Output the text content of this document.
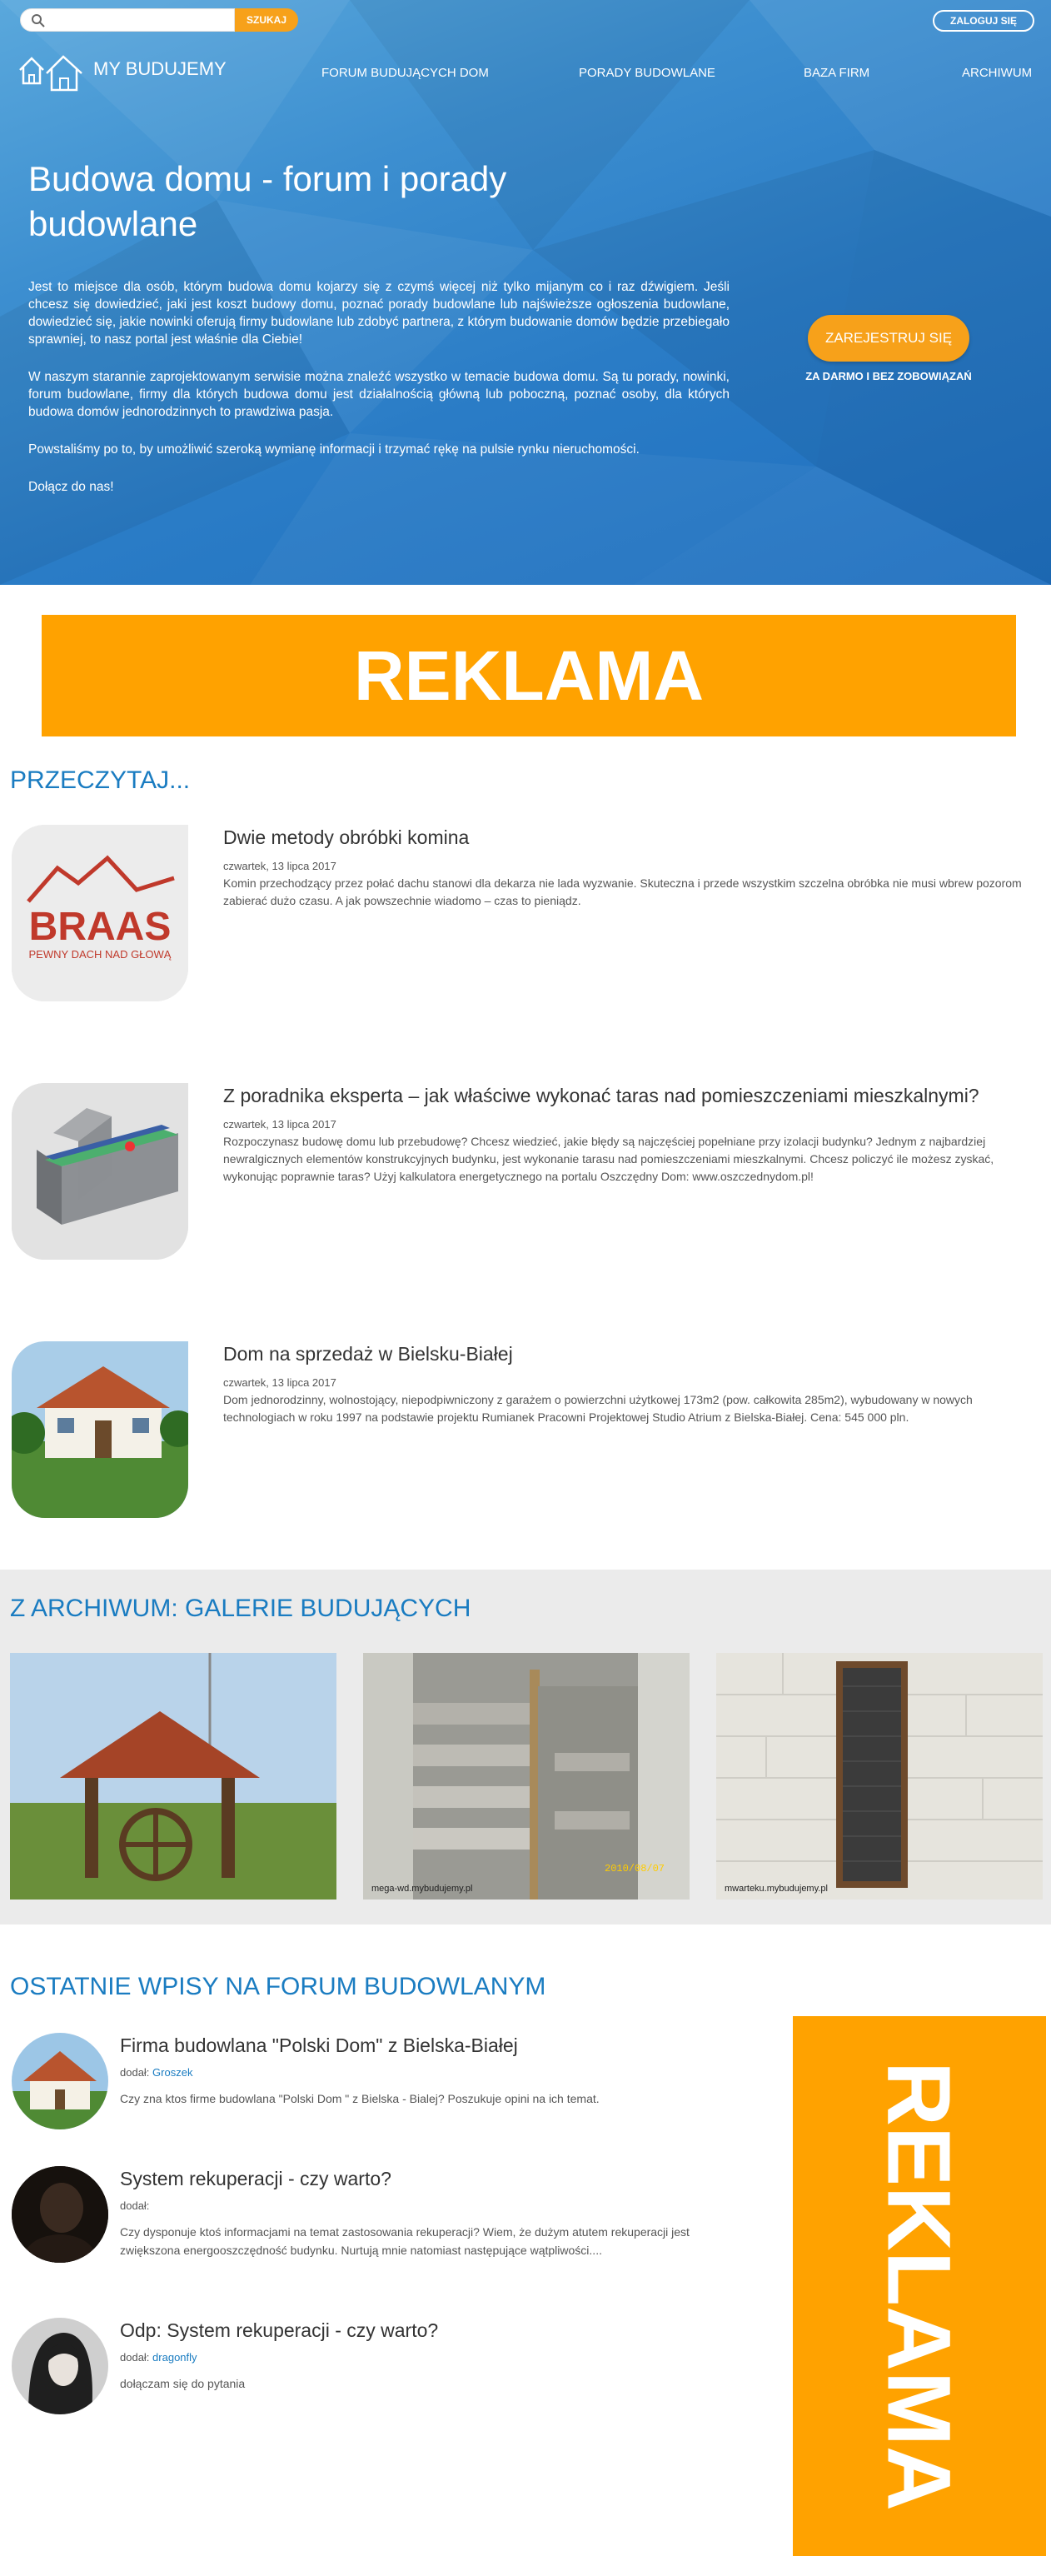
SZUKAJ	ZALOGUJ SIĘ
MY BUDUJEMY	FORUM BUDUJĄCYCH DOM	PORADY BUDOWLANE	BAZA FIRM	ARCHIWUM
Budowa domu - forum i porady budowlane

Jest to miejsce dla osób, którym budowa domu kojarzy się z czymś więcej niż tylko mijanym co i raz dźwigiem. Jeśli chcesz się dowiedzieć, jaki jest koszt budowy domu, poznać porady budowlane lub najświeższe ogłoszenia budowlane, dowiedzieć się, jakie nowinki oferują firmy budowlane lub zdobyć partnera, z którym budowanie domów będzie przebiegało sprawniej, to nasz portal jest właśnie dla Ciebie!

W naszym starannie zaprojektowanym serwisie można znaleźć wszystko w temacie budowa domu. Są tu porady, nowinki, forum budowlane, firmy dla których budowa domu jest działalnością główną lub poboczną, poznać osoby, dla których budowa domów jednorodzinnych to prawdziwa pasja.

Powstaliśmy po to, by umożliwić szeroką wymianę informacji i trzymać rękę na pulsie rynku nieruchomości.

Dołącz do nas!

ZAREJESTRUJ SIĘ
ZA DARMO I BEZ ZOBOWIĄZAŃ
REKLAMA
PRZECZYTAJ...
BRAAS
PEWNY DACH NAD GŁOWĄ
Dwie metody obróbki komina
czwartek, 13 lipca 2017
Komin przechodzący przez połać dachu stanowi dla dekarza nie lada wyzwanie. Skuteczna i przede wszystkim szczelna obróbka nie musi wbrew pozorom zabierać dużo czasu. A jak powszechnie wiadomo – czas to pieniądz.
Z poradnika eksperta – jak właściwe wykonać taras nad pomieszczeniami mieszkalnymi?
czwartek, 13 lipca 2017
Rozpoczynasz budowę domu lub przebudowę? Chcesz wiedzieć, jakie błędy są najczęściej popełniane przy izolacji budynku? Jednym z najbardziej newralgicznych elementów konstrukcyjnych budynku, jest wykonanie tarasu nad pomieszczeniami mieszkalnymi. Chcesz policzyć ile możesz zyskać, wykonując poprawnie taras? Użyj kalkulatora energetycznego na portalu Oszczędny Dom: www.oszczednydom.pl!
Dom na sprzedaż w Bielsku-Białej
czwartek, 13 lipca 2017
Dom jednorodzinny, wolnostojący, niepodpiwniczony z garażem o powierzchni użytkowej 173m2 (pow. całkowita 285m2), wybudowany w nowych technologiach w roku 1997 na podstawie projektu Rumianek Pracowni Projektowej Studio Atrium z Bielska-Białej. Cena: 545 000 pln.
Z ARCHIWUM: GALERIE BUDUJĄCYCH
mega-wd.mybudujemy.pl
2010/08/07
mwarteku.mybudujemy.pl
OSTATNIE WPISY NA FORUM BUDOWLANYM
Firma budowlana "Polski Dom" z Bielska-Białej
dodał: Groszek
Czy zna ktos firme budowlana "Polski Dom " z Bielska - Bialej? Poszukuje opini na ich temat.
System rekuperacji - czy warto?
dodał:
Czy dysponuje ktoś informacjami na temat zastosowania rekuperacji? Wiem, że dużym atutem rekuperacji jest zwiększona energooszczędność budynku. Nurtują mnie natomiast następujące wątpliwości....
Odp: System rekuperacji - czy warto?
dodał: dragonfly
dołączam się do pytania	REKLAMA
